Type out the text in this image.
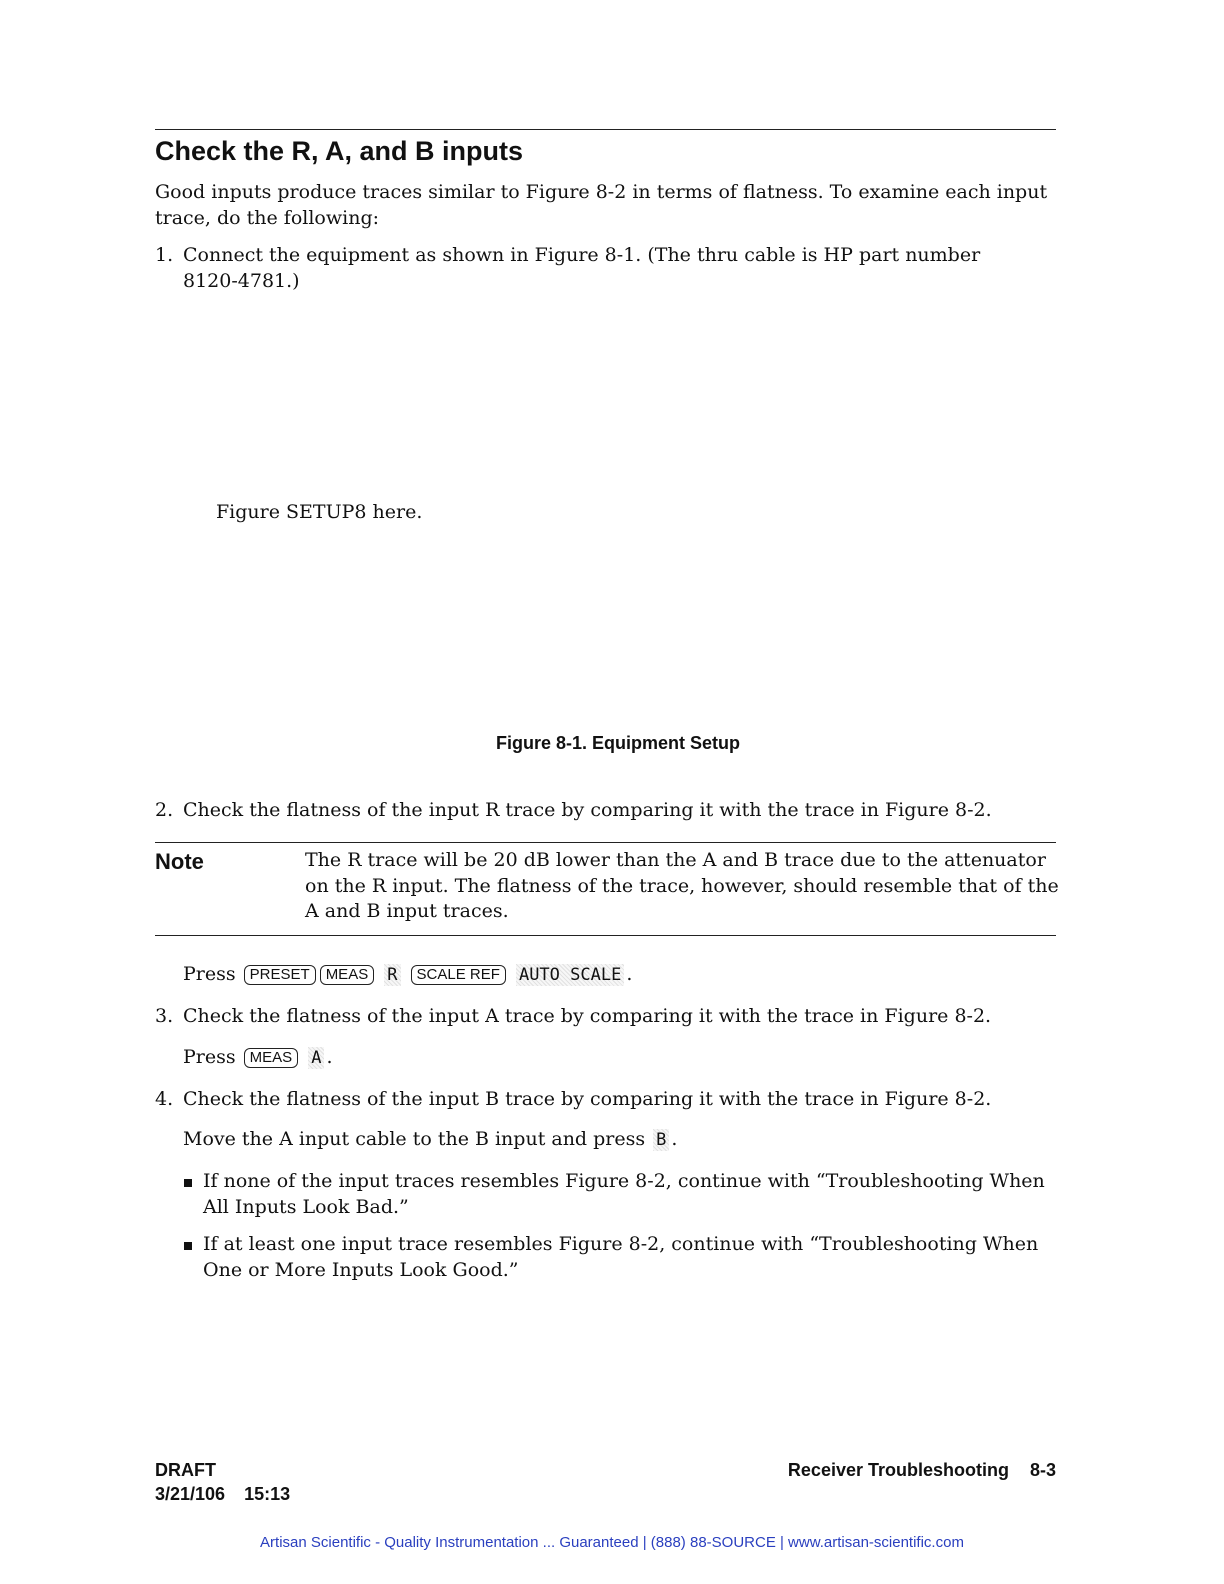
Check the R, A, and B inputs
Good inputs produce traces similar to Figure 8-2 in terms of flatness. To examine each input
trace, do the following:
1. Connect the equipment as shown in Figure 8-1. (The thru cable is HP part number
8120-4781.)
Figure SETUP8 here.
Figure 8-1. Equipment Setup
2. Check the flatness of the input R trace by comparing it with the trace in Figure 8-2.
Note	The R trace will be 20 dB lower than the A and B trace due to the attenuator
on the R input. The flatness of the trace, however, should resemble that of the
A and B input traces.
Press PRESET MEAS R SCALE REF AUTO SCALE .
3. Check the flatness of the input A trace by comparing it with the trace in Figure 8-2.
Press MEAS A .
4. Check the flatness of the input B trace by comparing it with the trace in Figure 8-2.
Move the A input cable to the B input and press B .
If none of the input traces resembles Figure 8-2, continue with “Troubleshooting When
All Inputs Look Bad.”
If at least one input trace resembles Figure 8-2, continue with “Troubleshooting When
One or More Inputs Look Good.”
DRAFT
3/21/106 15:13
Receiver Troubleshooting 8-3
Artisan Scientific - Quality Instrumentation ... Guaranteed | (888) 88-SOURCE | www.artisan-scientific.com
